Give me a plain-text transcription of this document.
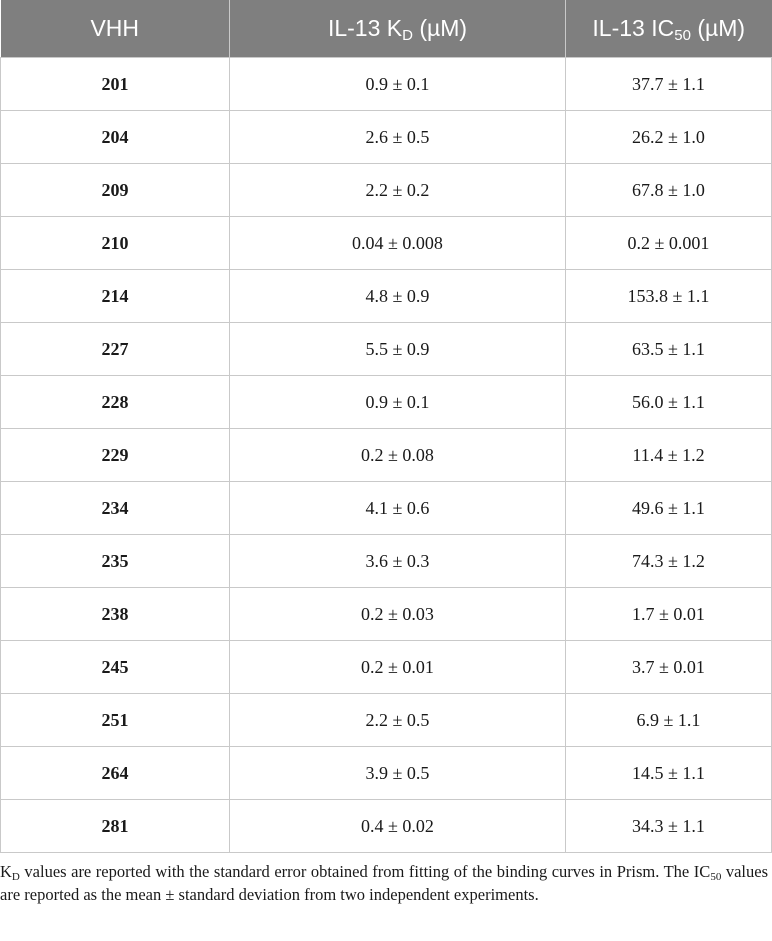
VHH	IL-13 $K_D$ (µM)	IL-13 $IC_{50}$ (µM)
201	0.9 ± 0.1	37.7 ± 1.1
204	2.6 ± 0.5	26.2 ± 1.0
209	2.2 ± 0.2	67.8 ± 1.0
210	0.04 ± 0.008	0.2 ± 0.001
214	4.8 ± 0.9	153.8 ± 1.1
227	5.5 ± 0.9	63.5 ± 1.1
228	0.9 ± 0.1	56.0 ± 1.1
229	0.2 ± 0.08	11.4 ± 1.2
234	4.1 ± 0.6	49.6 ± 1.1
235	3.6 ± 0.3	74.3 ± 1.2
238	0.2 ± 0.03	1.7 ± 0.01
245	0.2 ± 0.01	3.7 ± 0.01
251	2.2 ± 0.5	6.9 ± 1.1
264	3.9 ± 0.5	14.5 ± 1.1
281	0.4 ± 0.02	34.3 ± 1.1

$K_D$ values are reported with the standard error obtained from fitting of the binding curves in Prism. The $IC_{50}$ values are reported as the mean ± standard deviation from two independent experiments.
